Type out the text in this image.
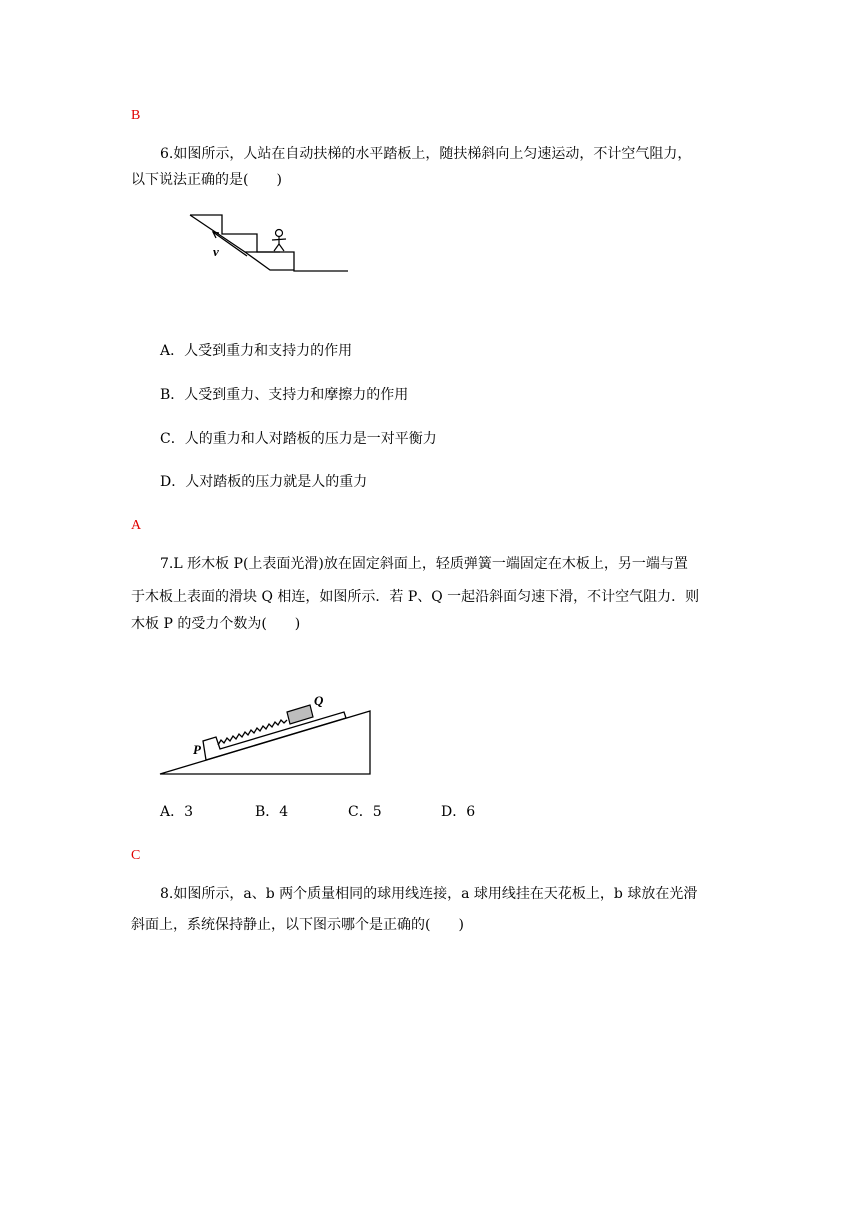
B
6.如图所示，人站在自动扶梯的水平踏板上，随扶梯斜向上匀速运动，不计空气阻力，
以下说法正确的是(　　)
v
A．人受到重力和支持力的作用
B．人受到重力、支持力和摩擦力的作用
C．人的重力和人对踏板的压力是一对平衡力
D．人对踏板的压力就是人的重力
A
7.L 形木板 P(上表面光滑)放在固定斜面上，轻质弹簧一端固定在木板上，另一端与置
于木板上表面的滑块 Q 相连，如图所示．若 P、Q 一起沿斜面匀速下滑，不计空气阻力．则
木板 P 的受力个数为(　　)
P
Q
A．3	B．4	C．5	D．6
C
8.如图所示，a、b 两个质量相同的球用线连接，a 球用线挂在天花板上，b 球放在光滑
斜面上，系统保持静止，以下图示哪个是正确的(　　)
